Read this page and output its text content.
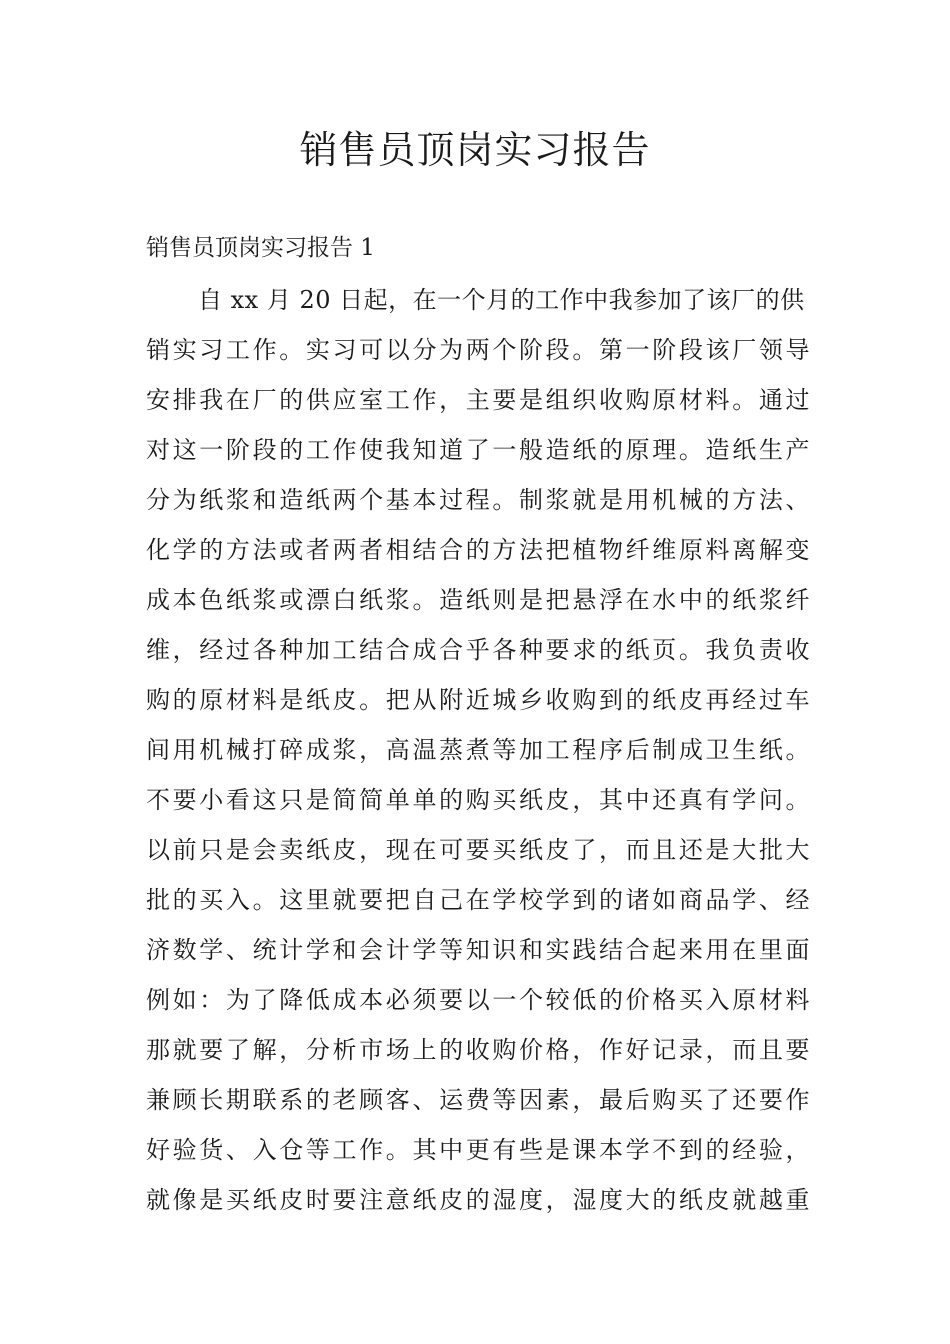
销售员顶岗实习报告
销售员顶岗实习报告 1
自 xx 月 20 日起，在一个月的工作中我参加了该厂的供
销实习工作。实习可以分为两个阶段。第一阶段该厂领导
安排我在厂的供应室工作，主要是组织收购原材料。通过
对这一阶段的工作使我知道了一般造纸的原理。造纸生产
分为纸浆和造纸两个基本过程。制浆就是用机械的方法、
化学的方法或者两者相结合的方法把植物纤维原料离解变
成本色纸浆或漂白纸浆。造纸则是把悬浮在水中的纸浆纤
维，经过各种加工结合成合乎各种要求的纸页。我负责收
购的原材料是纸皮。把从附近城乡收购到的纸皮再经过车
间用机械打碎成浆，高温蒸煮等加工程序后制成卫生纸。
不要小看这只是简简单单的购买纸皮，其中还真有学问。
以前只是会卖纸皮，现在可要买纸皮了，而且还是大批大
批的买入。这里就要把自己在学校学到的诸如商品学、经
济数学、统计学和会计学等知识和实践结合起来用在里面
例如：为了降低成本必须要以一个较低的价格买入原材料
那就要了解，分析市场上的收购价格，作好记录，而且要
兼顾长期联系的老顾客、运费等因素，最后购买了还要作
好验货、入仓等工作。其中更有些是课本学不到的经验，
就像是买纸皮时要注意纸皮的湿度，湿度大的纸皮就越重
